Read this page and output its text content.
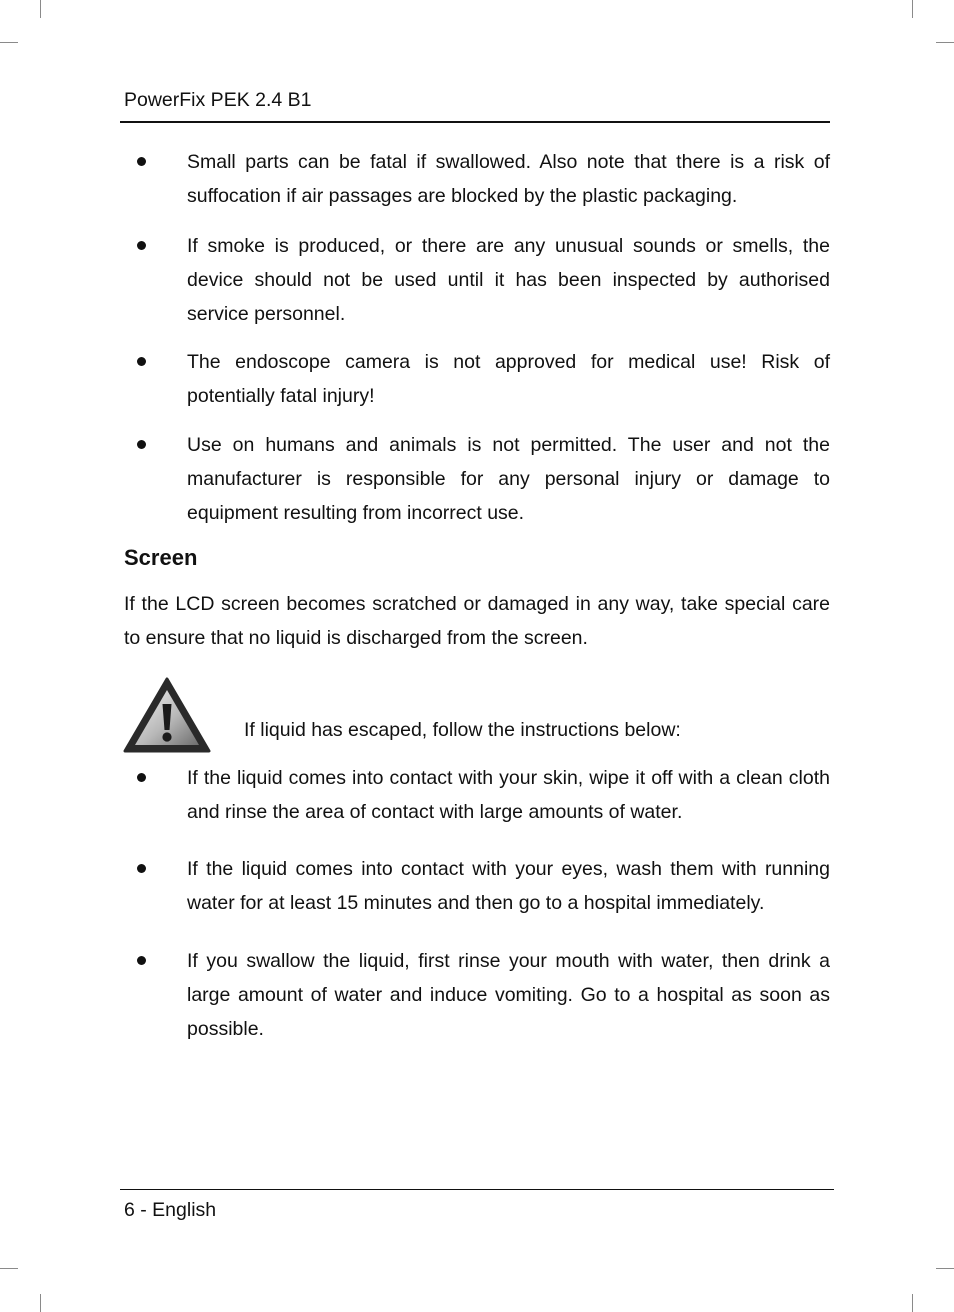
PowerFix PEK 2.4 B1

Small parts can be fatal if swallowed. Also note that there is a risk of suffocation if air passages are blocked by the plastic packaging.

If smoke is produced, or there are any unusual sounds or smells, the device should not be used until it has been inspected by authorised service personnel.

The endoscope camera is not approved for medical use! Risk of potentially fatal injury!

Use on humans and animals is not permitted. The user and not the manufacturer is responsible for any personal injury or damage to equipment resulting from incorrect use.

Screen

If the LCD screen becomes scratched or damaged in any way, take special care to ensure that no liquid is discharged from the screen.

If liquid has escaped, follow the instructions below:

If the liquid comes into contact with your skin, wipe it off with a clean cloth and rinse the area of contact with large amounts of water.

If the liquid comes into contact with your eyes, wash them with running water for at least 15 minutes and then go to a hospital immediately.

If you swallow the liquid, first rinse your mouth with water, then drink a large amount of water and induce vomiting. Go to a hospital as soon as possible.

6 - English
